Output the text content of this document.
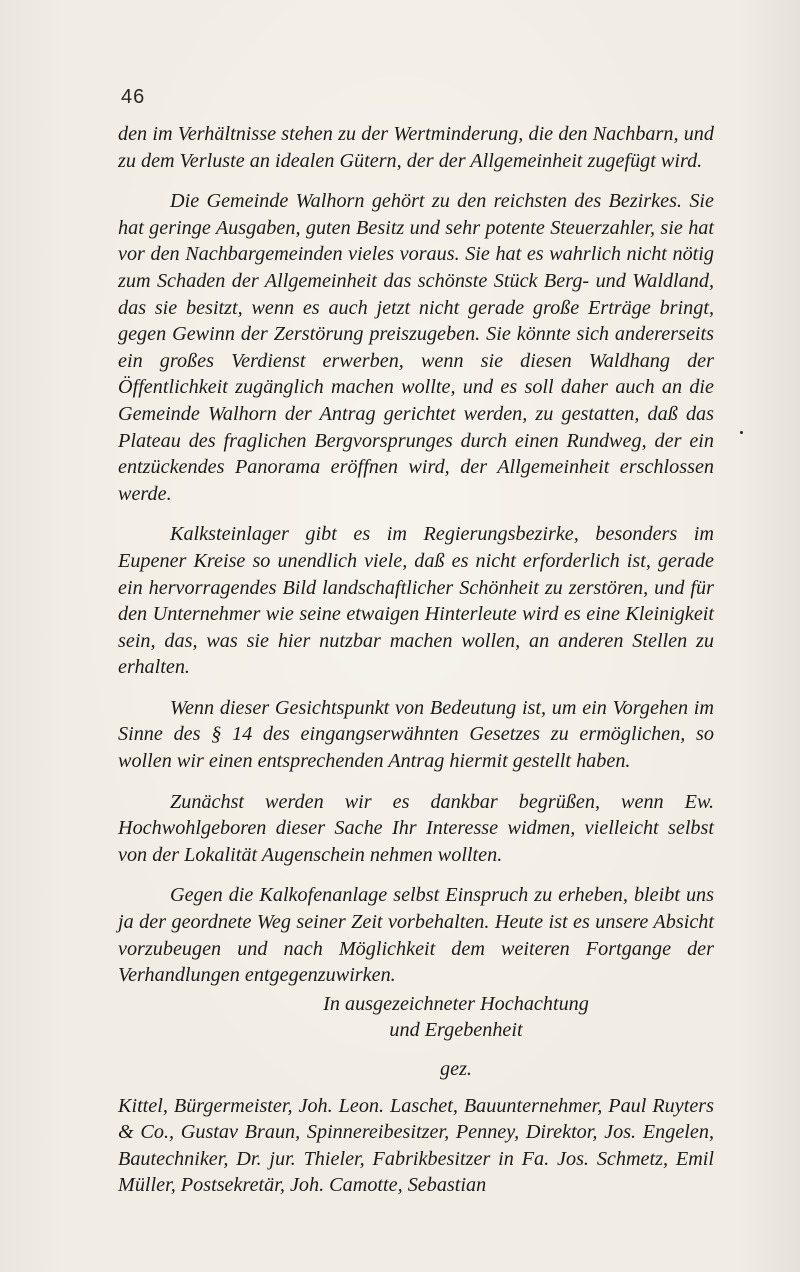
46

den im Verhältnisse stehen zu der Wertminderung, die den Nachbarn, und zu dem Verluste an idealen Gütern, der der Allgemeinheit zugefügt wird.

Die Gemeinde Walhorn gehört zu den reichsten des Bezirkes. Sie hat geringe Ausgaben, guten Besitz und sehr potente Steuerzahler, sie hat vor den Nachbargemeinden vieles voraus. Sie hat es wahrlich nicht nötig zum Schaden der Allgemeinheit das schönste Stück Berg- und Waldland, das sie besitzt, wenn es auch jetzt nicht gerade große Erträge bringt, gegen Gewinn der Zerstörung preiszugeben. Sie könnte sich andererseits ein großes Verdienst erwerben, wenn sie diesen Waldhang der Öffentlichkeit zugänglich machen wollte, und es soll daher auch an die Gemeinde Walhorn der Antrag gerichtet werden, zu gestatten, daß das Plateau des fraglichen Bergvorsprunges durch einen Rundweg, der ein entzückendes Panorama eröffnen wird, der Allgemeinheit erschlossen werde.

Kalksteinlager gibt es im Regierungsbezirke, besonders im Eupener Kreise so unendlich viele, daß es nicht erforderlich ist, gerade ein hervorragendes Bild landschaftlicher Schönheit zu zerstören, und für den Unternehmer wie seine etwaigen Hinterleute wird es eine Kleinigkeit sein, das, was sie hier nutzbar machen wollen, an anderen Stellen zu erhalten.

Wenn dieser Gesichtspunkt von Bedeutung ist, um ein Vorgehen im Sinne des § 14 des eingangserwähnten Gesetzes zu ermöglichen, so wollen wir einen entsprechenden Antrag hiermit gestellt haben.

Zunächst werden wir es dankbar begrüßen, wenn Ew. Hochwohlgeboren dieser Sache Ihr Interesse widmen, vielleicht selbst von der Lokalität Augenschein nehmen wollten.

Gegen die Kalkofenanlage selbst Einspruch zu erheben, bleibt uns ja der geordnete Weg seiner Zeit vorbehalten. Heute ist es unsere Absicht vorzubeugen und nach Möglichkeit dem weiteren Fortgange der Verhandlungen entgegenzuwirken.

In ausgezeichneter Hochachtung

und Ergebenheit

gez.

Kittel, Bürgermeister, Joh. Leon. Laschet, Bauunternehmer, Paul Ruyters & Co., Gustav Braun, Spinnereibesitzer, Penney, Direktor, Jos. Engelen, Bautechniker, Dr. jur. Thieler, Fabrikbesitzer in Fa. Jos. Schmetz, Emil Müller, Postsekretär, Joh. Camotte, Sebastian
